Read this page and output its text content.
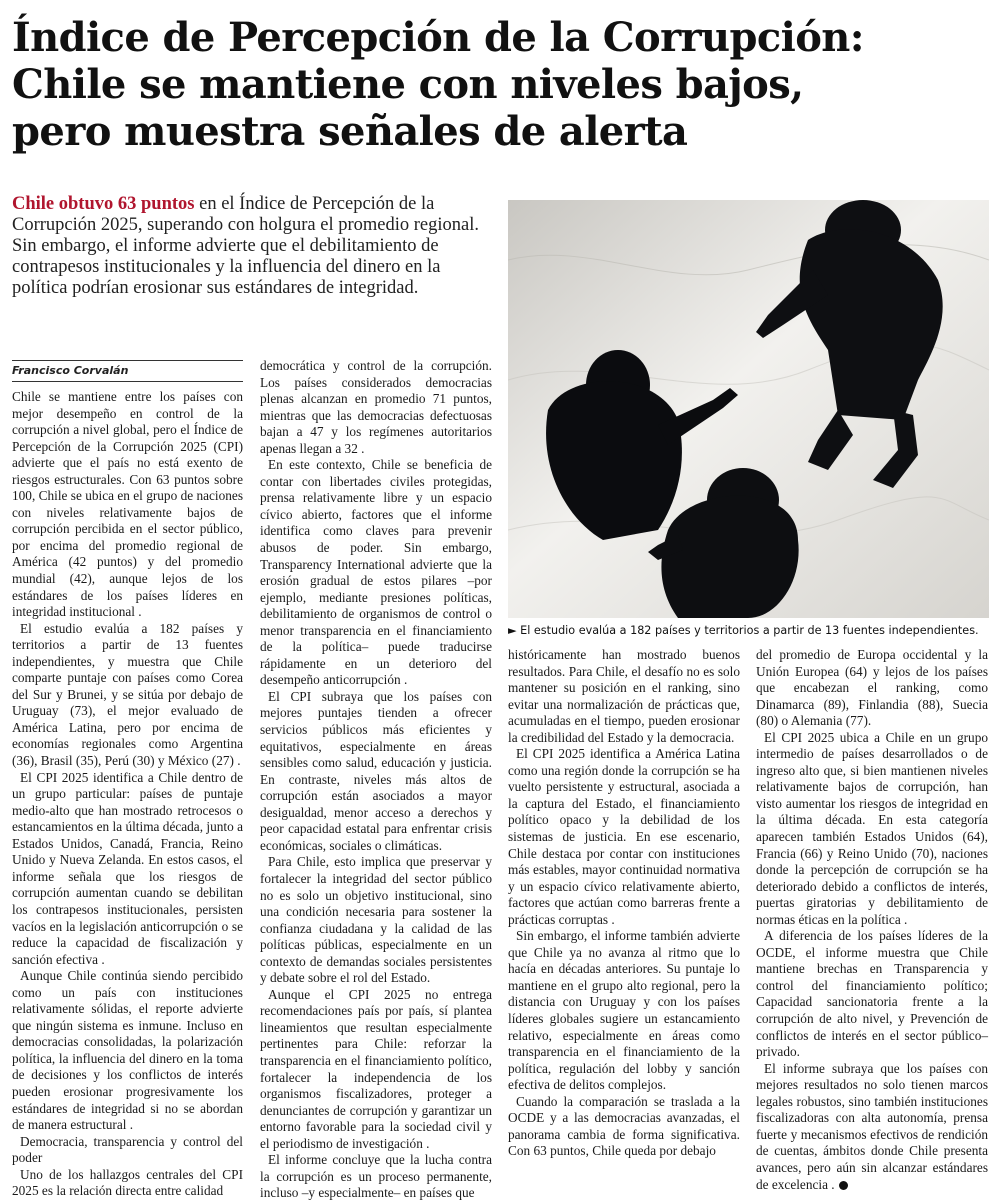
Índice de Percepción de la Corrupción:
Chile se mantiene con niveles bajos,
pero muestra señales de alerta

Chile obtuvo 63 puntos en el Índice de Percepción de la Corrupción 2025, superando con holgura el promedio regional. Sin embargo, el informe advierte que el debilitamiento de contrapesos institucionales y la influencia del dinero en la política podrían erosionar sus estándares de integridad.

► El estudio evalúa a 182 países y territorios a partir de 13 fuentes independientes.

Francisco Corvalán

Chile se mantiene entre los países con mejor desempeño en control de la corrupción a nivel global, pero el Índice de Percepción de la Corrupción 2025 (CPI) advierte que el país no está exento de riesgos estructurales. Con 63 puntos sobre 100, Chile se ubica en el grupo de naciones con niveles relativamente bajos de corrupción percibida en el sector público, por encima del promedio regional de América (42 puntos) y del promedio mundial (42), aunque lejos de los estándares de los países líderes en integridad institucional .

El estudio evalúa a 182 países y territorios a partir de 13 fuentes independientes, y muestra que Chile comparte puntaje con países como Corea del Sur y Brunei, y se sitúa por debajo de Uruguay (73), el mejor evaluado de América Latina, pero por encima de economías regionales como Argentina (36), Brasil (35), Perú (30) y México (27) .

El CPI 2025 identifica a Chile dentro de un grupo particular: países de puntaje medio-alto que han mostrado retrocesos o estancamientos en la última década, junto a Estados Unidos, Canadá, Francia, Reino Unido y Nueva Zelanda. En estos casos, el informe señala que los riesgos de corrupción aumentan cuando se debilitan los contrapesos institucionales, persisten vacíos en la legislación anticorrupción o se reduce la capacidad de fiscalización y sanción efectiva .

Aunque Chile continúa siendo percibido como un país con instituciones relativamente sólidas, el reporte advierte que ningún sistema es inmune. Incluso en democracias consolidadas, la polarización política, la influencia del dinero en la toma de decisiones y los conflictos de interés pueden erosionar progresivamente los estándares de integridad si no se abordan de manera estructural .

Democracia, transparencia y control del poder

Uno de los hallazgos centrales del CPI 2025 es la relación directa entre calidad

democrática y control de la corrupción. Los países considerados democracias plenas alcanzan en promedio 71 puntos, mientras que las democracias defectuosas bajan a 47 y los regímenes autoritarios apenas llegan a 32 .

En este contexto, Chile se beneficia de contar con libertades civiles protegidas, prensa relativamente libre y un espacio cívico abierto, factores que el informe identifica como claves para prevenir abusos de poder. Sin embargo, Transparency International advierte que la erosión gradual de estos pilares –por ejemplo, mediante presiones políticas, debilitamiento de organismos de control o menor transparencia en el financiamiento de la política– puede traducirse rápidamente en un deterioro del desempeño anticorrupción .

El CPI subraya que los países con mejores puntajes tienden a ofrecer servicios públicos más eficientes y equitativos, especialmente en áreas sensibles como salud, educación y justicia. En contraste, niveles más altos de corrupción están asociados a mayor desigualdad, menor acceso a derechos y peor capacidad estatal para enfrentar crisis económicas, sociales o climáticas.

Para Chile, esto implica que preservar y fortalecer la integridad del sector público no es solo un objetivo institucional, sino una condición necesaria para sostener la confianza ciudadana y la calidad de las políticas públicas, especialmente en un contexto de demandas sociales persistentes y debate sobre el rol del Estado.

Aunque el CPI 2025 no entrega recomendaciones país por país, sí plantea lineamientos que resultan especialmente pertinentes para Chile: reforzar la transparencia en el financiamiento político, fortalecer la independencia de los organismos fiscalizadores, proteger a denunciantes de corrupción y garantizar un entorno favorable para la sociedad civil y el periodismo de investigación .

El informe concluye que la lucha contra la corrupción es un proceso permanente, incluso –y especialmente– en países que

históricamente han mostrado buenos resultados. Para Chile, el desafío no es solo mantener su posición en el ranking, sino evitar una normalización de prácticas que, acumuladas en el tiempo, pueden erosionar la credibilidad del Estado y la democracia.

El CPI 2025 identifica a América Latina como una región donde la corrupción se ha vuelto persistente y estructural, asociada a la captura del Estado, el financiamiento político opaco y la debilidad de los sistemas de justicia. En ese escenario, Chile destaca por contar con instituciones más estables, mayor continuidad normativa y un espacio cívico relativamente abierto, factores que actúan como barreras frente a prácticas corruptas .

Sin embargo, el informe también advierte que Chile ya no avanza al ritmo que lo hacía en décadas anteriores. Su puntaje lo mantiene en el grupo alto regional, pero la distancia con Uruguay y con los países líderes globales sugiere un estancamiento relativo, especialmente en áreas como transparencia en el financiamiento de la política, regulación del lobby y sanción efectiva de delitos complejos.

Cuando la comparación se traslada a la OCDE y a las democracias avanzadas, el panorama cambia de forma significativa. Con 63 puntos, Chile queda por debajo

del promedio de Europa occidental y la Unión Europea (64) y lejos de los países que encabezan el ranking, como Dinamarca (89), Finlandia (88), Suecia (80) o Alemania (77).

El CPI 2025 ubica a Chile en un grupo intermedio de países desarrollados o de ingreso alto que, si bien mantienen niveles relativamente bajos de corrupción, han visto aumentar los riesgos de integridad en la última década. En esta categoría aparecen también Estados Unidos (64), Francia (66) y Reino Unido (70), naciones donde la percepción de corrupción se ha deteriorado debido a conflictos de interés, puertas giratorias y debilitamiento de normas éticas en la política .

A diferencia de los países líderes de la OCDE, el informe muestra que Chile mantiene brechas en Transparencia y control del financiamiento político; Capacidad sancionatoria frente a la corrupción de alto nivel, y Prevención de conflictos de interés en el sector público–privado.

El informe subraya que los países con mejores resultados no solo tienen marcos legales robustos, sino también instituciones fiscalizadoras con alta autonomía, prensa fuerte y mecanismos efectivos de rendición de cuentas, ámbitos donde Chile presenta avances, pero aún sin alcanzar estándares de excelencia .
